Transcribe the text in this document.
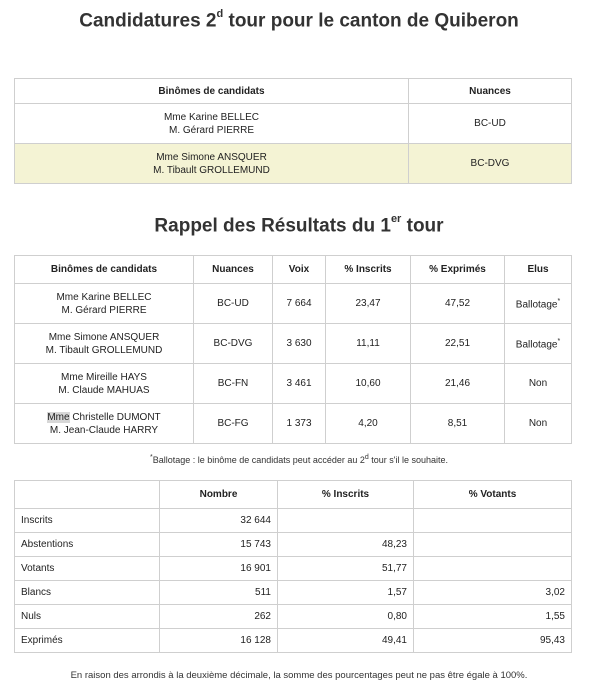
Candidatures 2$^d$ tour pour le canton de Quiberon
Binômes de candidats	Nuances
Mme Karine BELLEC
M. Gérard PIERRE	BC-UD
Mme Simone ANSQUER
M. Tibault GROLLEMUND	BC-DVG
Rappel des Résultats du 1er tour
Binômes de candidats	Nuances	Voix	% Inscrits	% Exprimés	Elus
Mme Karine BELLEC
M. Gérard PIERRE	BC-UD	7 664	23,47	47,52	Ballotage*
Mme Simone ANSQUER
M. Tibault GROLLEMUND	BC-DVG	3 630	11,11	22,51	Ballotage*
Mme Mireille HAYS
M. Claude MAHUAS	BC-FN	3 461	10,60	21,46	Non
Mme Christelle DUMONT
M. Jean-Claude HARRY	BC-FG	1 373	4,20	8,51	Non
*Ballotage : le binôme de candidats peut accéder au 2$^d$ tour s'il le souhaite.
	Nombre	% Inscrits	% Votants
Inscrits	32 644		
Abstentions	15 743	48,23	
Votants	16 901	51,77	
Blancs	511	1,57	3,02
Nuls	262	0,80	1,55
Exprimés	16 128	49,41	95,43
En raison des arrondis à la deuxième décimale, la somme des pourcentages peut ne pas être égale à 100%.
